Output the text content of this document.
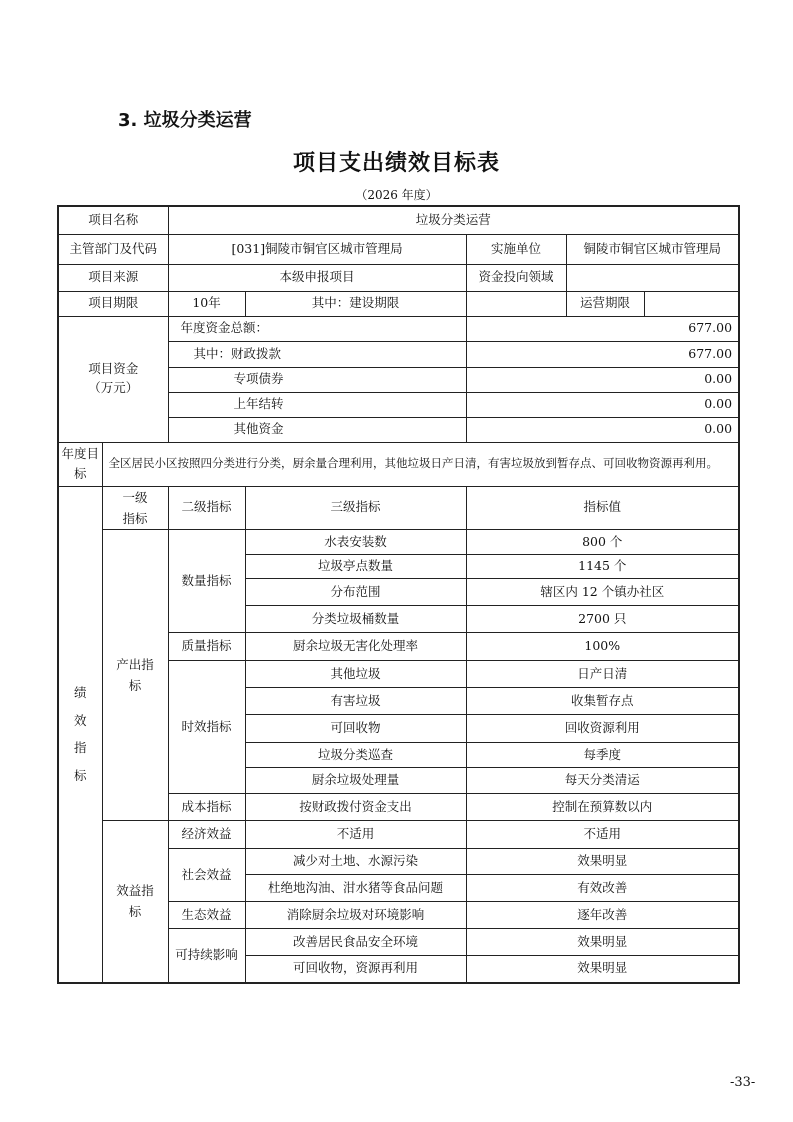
3. 垃圾分类运营
项目支出绩效目标表
（2026 年度）
项目名称		垃圾分类运营				
主管部门及代码		[031]铜陵市铜官区城市管理局		实施单位	铜陵市铜官区城市管理局	
项目来源		本级申报项目		资金投向领域		
项目期限		10年	其中：建设期限		运营期限	
项目资金
（万元）		年度资金总额：		677.00		
		其中：财政拨款		677.00		
		专项债券		0.00		
		上年结转		0.00		
		其他资金		0.00		
年度目标	全区居民小区按照四分类进行分类，厨余量合理利用，其他垃圾日产日清，有害垃圾放到暂存点、可回收物资源再利用。					
绩效指标	一级指标	二级指标	三级指标	指标值		
	产出指标	数量指标	水表安装数	800 个		
			垃圾亭点数量	1145 个		
			分布范围	辖区内 12 个镇办社区		
			分类垃圾桶数量	2700 只		
		质量指标	厨余垃圾无害化处理率	100%		
		时效指标	其他垃圾	日产日清		
			有害垃圾	收集暂存点		
			可回收物	回收资源利用		
			垃圾分类巡查	每季度		
			厨余垃圾处理量	每天分类清运		
		成本指标	按财政拨付资金支出	控制在预算数以内		
	效益指标	经济效益	不适用	不适用		
		社会效益	减少对土地、水源污染	效果明显		
			杜绝地沟油、泔水猪等食品问题	有效改善		
		生态效益	消除厨余垃圾对环境影响	逐年改善		
		可持续影响	改善居民食品安全环境	效果明显		
			可回收物，资源再利用	效果明显		
-33-
